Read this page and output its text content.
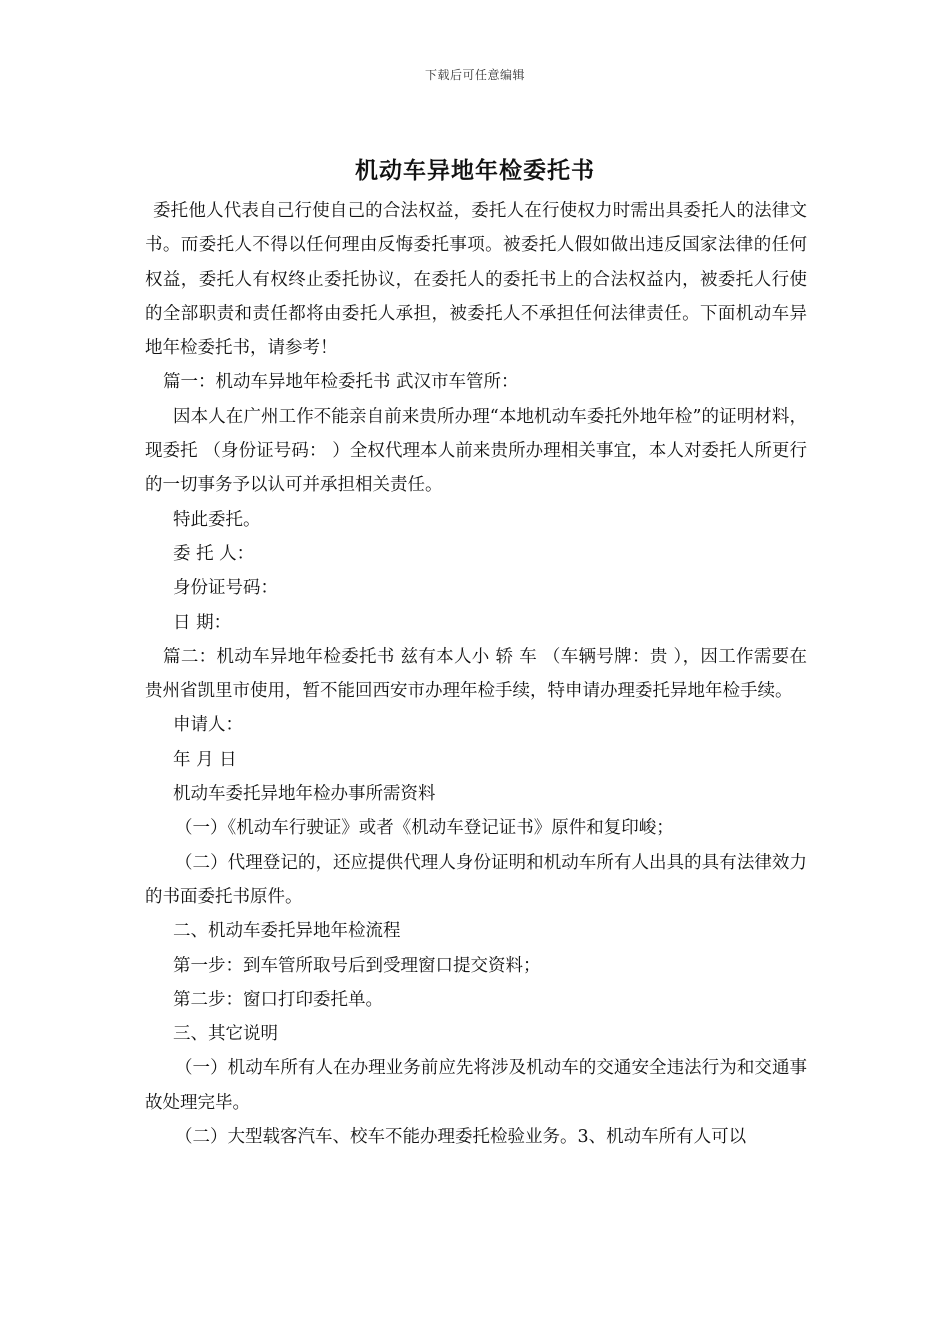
下载后可任意编辑
机动车异地年检委托书

委托他人代表自己行使自己的合法权益，委托人在行使权力时需出具委托人的法律文书。而委托人不得以任何理由反悔委托事项。被委托人假如做出违反国家法律的任何权益，委托人有权终止委托协议，在委托人的委托书上的合法权益内，被委托人行使的全部职责和责任都将由委托人承担，被委托人不承担任何法律责任。下面机动车异地年检委托书，请参考！

篇一：机动车异地年检委托书 武汉市车管所：

因本人在广州工作不能亲自前来贵所办理“本地机动车委托外地年检”的证明材料，现委托 （身份证号码： ）全权代理本人前来贵所办理相关事宜，本人对委托人所更行的一切事务予以认可并承担相关责任。

特此委托。

委 托 人：

身份证号码：

日 期：

篇二：机动车异地年检委托书 兹有本人小 轿 车 （车辆号牌：贵 ），因工作需要在贵州省凯里市使用，暂不能回西安市办理年检手续，特申请办理委托异地年检手续。

申请人：

年 月 日

机动车委托异地年检办事所需资料

（一）《机动车行驶证》或者《机动车登记证书》原件和复印峻；

（二）代理登记的，还应提供代理人身份证明和机动车所有人出具的具有法律效力的书面委托书原件。

二、机动车委托异地年检流程

第一步：到车管所取号后到受理窗口提交资料；

第二步：窗口打印委托单。

三、其它说明

（一）机动车所有人在办理业务前应先将涉及机动车的交通安全违法行为和交通事故处理完毕。

（二）大型载客汽车、校车不能办理委托检验业务。3、机动车所有人可以
